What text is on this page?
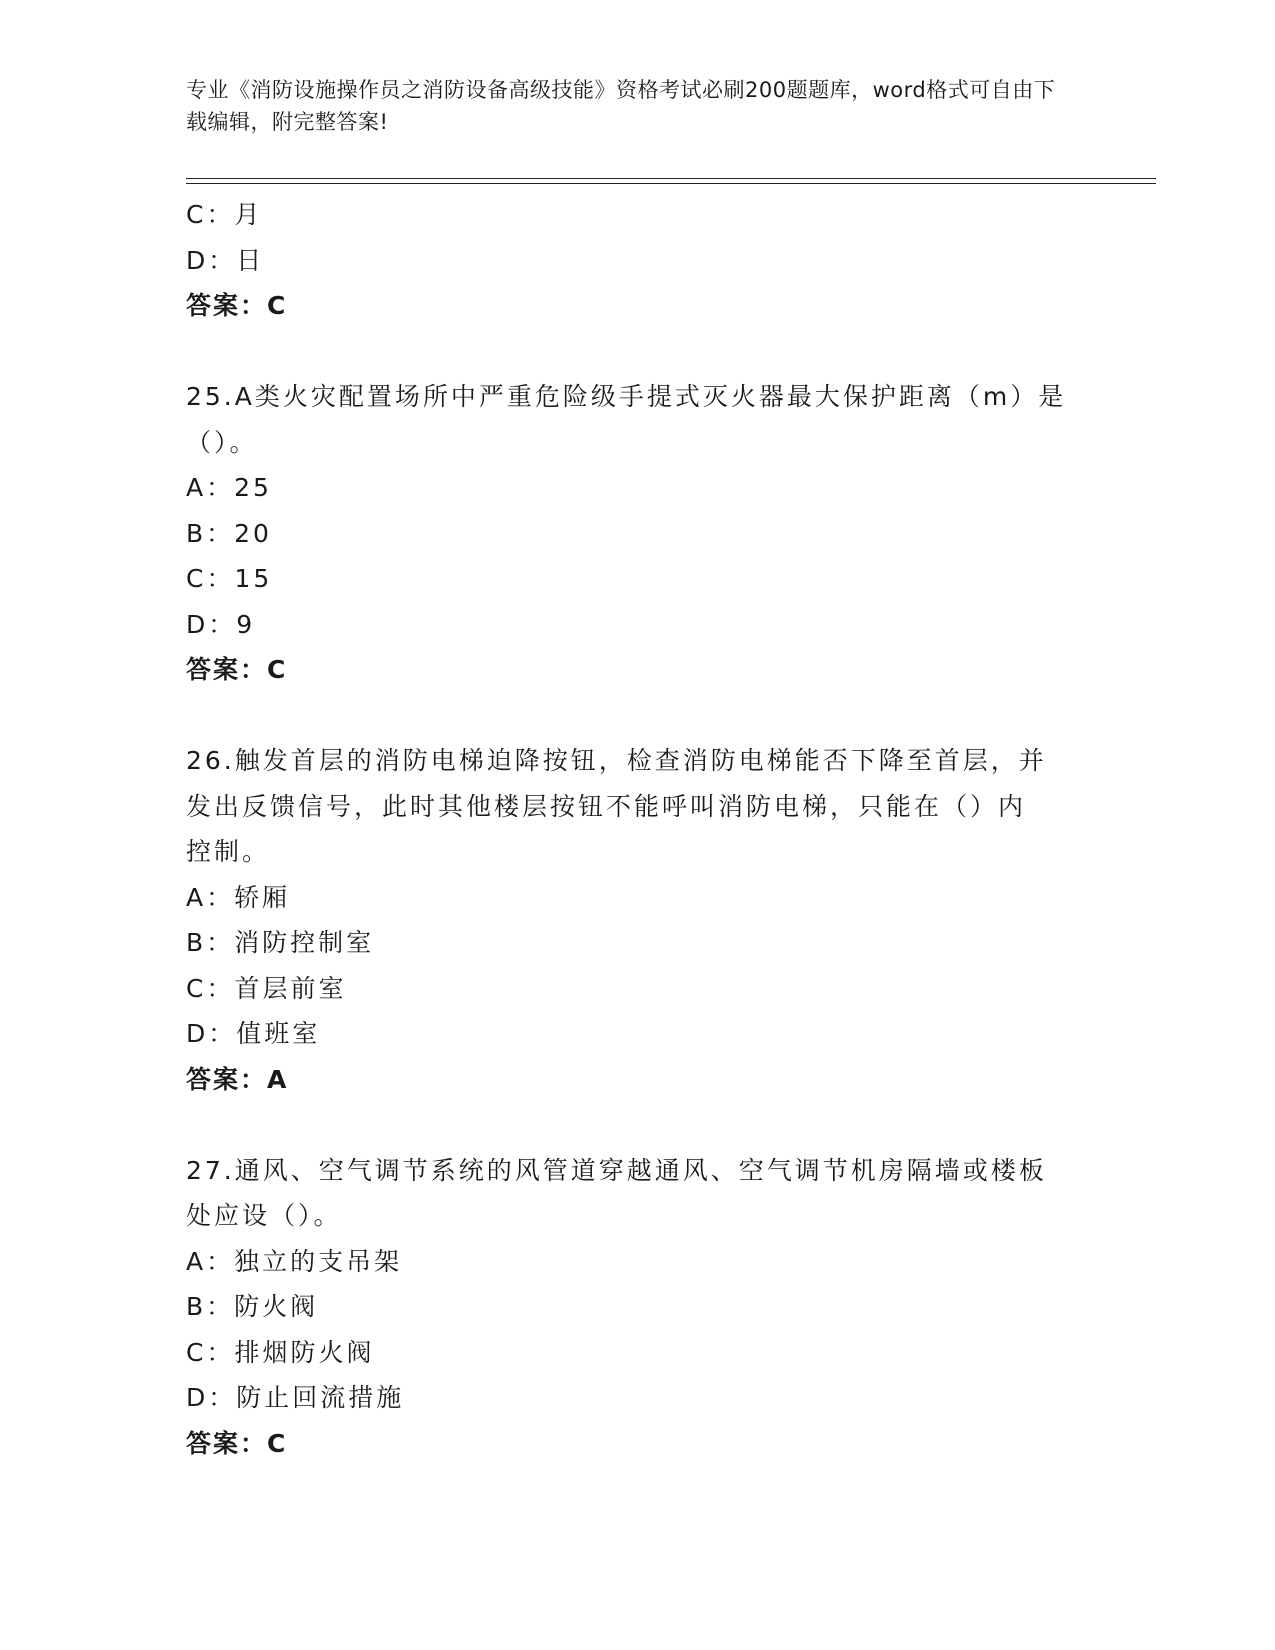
专业《消防设施操作员之消防设备高级技能》资格考试必刷200题题库，word格式可自由下载编辑，附完整答案!
C：月
D：日
答案：C
25.A类火灾配置场所中严重危险级手提式灭火器最大保护距离（m）是
（）。
A：25
B：20
C：15
D：9
答案：C
26.触发首层的消防电梯迫降按钮，检查消防电梯能否下降至首层，并
发出反馈信号，此时其他楼层按钮不能呼叫消防电梯，只能在（）内
控制。
A：轿厢
B：消防控制室
C：首层前室
D：值班室
答案：A
27.通风、空气调节系统的风管道穿越通风、空气调节机房隔墙或楼板
处应设（）。
A：独立的支吊架
B：防火阀
C：排烟防火阀
D：防止回流措施
答案：C
